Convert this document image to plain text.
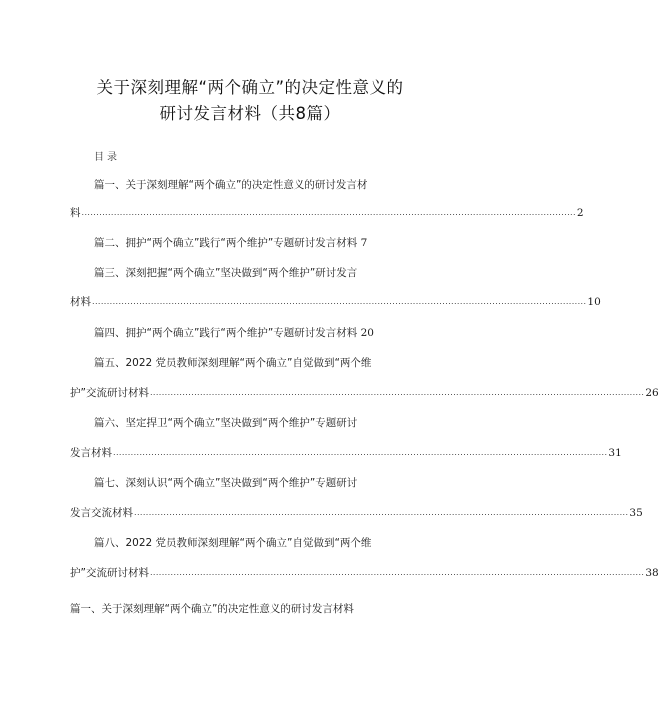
关于深刻理解“两个确立”的决定性意义的
研讨发言材料（共8篇）
目录
篇一、关于深刻理解“两个确立”的决定性意义的研讨发言材
料 ........................................................................................................................................................................ 2
篇二、拥护“两个确立”践行“两个维护”专题研讨发言材料 7
篇三、深刻把握“两个确立”坚决做到“两个维护”研讨发言
材料 ........................................................................................................................................................................ 10
篇四、拥护“两个确立”践行“两个维护”专题研讨发言材料 20
篇五、2022 党员教师深刻理解“两个确立”自觉做到“两个维
护”交流研讨材料 ........................................................................................................................................................................ 26
篇六、坚定捍卫“两个确立”坚决做到“两个维护”专题研讨
发言材料 ........................................................................................................................................................................ 31
篇七、深刻认识“两个确立”坚决做到“两个维护”专题研讨
发言交流材料 ........................................................................................................................................................................ 35
篇八、2022 党员教师深刻理解“两个确立”自觉做到“两个维
护”交流研讨材料 ........................................................................................................................................................................ 38
篇一、关于深刻理解“两个确立”的决定性意义的研讨发言材料
